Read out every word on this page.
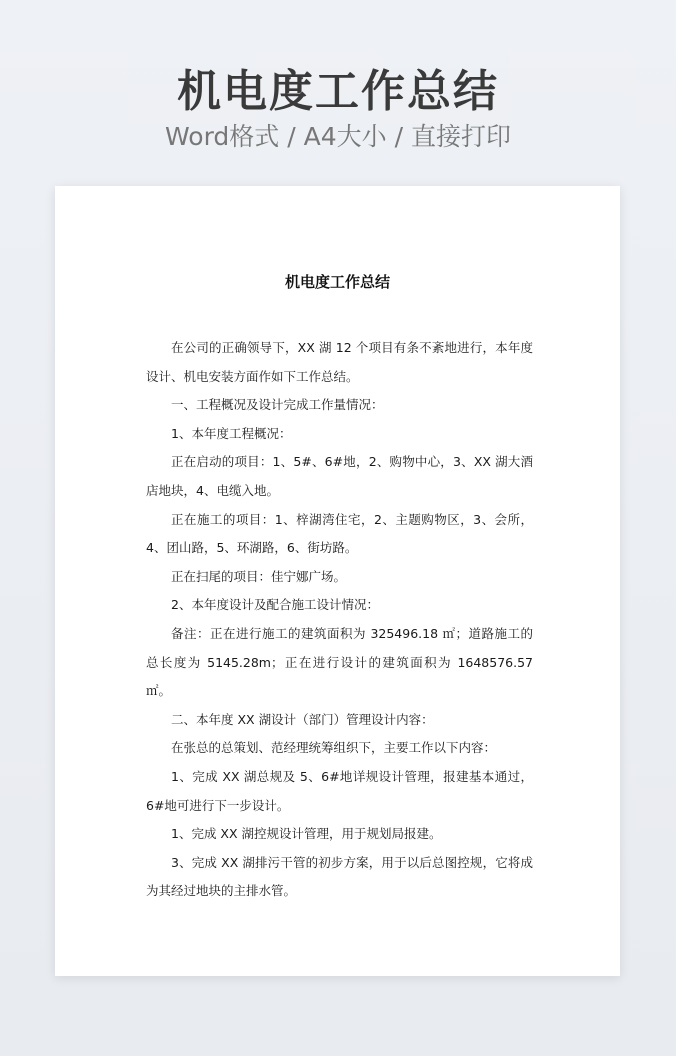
机电度工作总结
Word格式 / A4大小 / 直接打印
机电度工作总结

在公司的正确领导下，XX 湖 12 个项目有条不紊地进行，本年度设计、机电安装方面作如下工作总结。

一、工程概况及设计完成工作量情况：

1、本年度工程概况：

正在启动的项目：1、5#、6#地，2、购物中心，3、XX 湖大酒店地块，4、电缆入地。

正在施工的项目：1、梓湖湾住宅，2、主题购物区，3、会所，4、团山路，5、环湖路，6、街坊路。

正在扫尾的项目：佳宁娜广场。

2、本年度设计及配合施工设计情况：

备注：正在进行施工的建筑面积为 325496.18 ㎡；道路施工的总长度为 5145.28m；正在进行设计的建筑面积为 1648576.57 ㎡。

二、本年度 XX 湖设计（部门）管理设计内容：

在张总的总策划、范经理统筹组织下，主要工作以下内容：

1、完成 XX 湖总规及 5、6#地详规设计管理，报建基本通过，6#地可进行下一步设计。

1、完成 XX 湖控规设计管理，用于规划局报建。

3、完成 XX 湖排污干管的初步方案，用于以后总图控规，它将成为其经过地块的主排水管。
